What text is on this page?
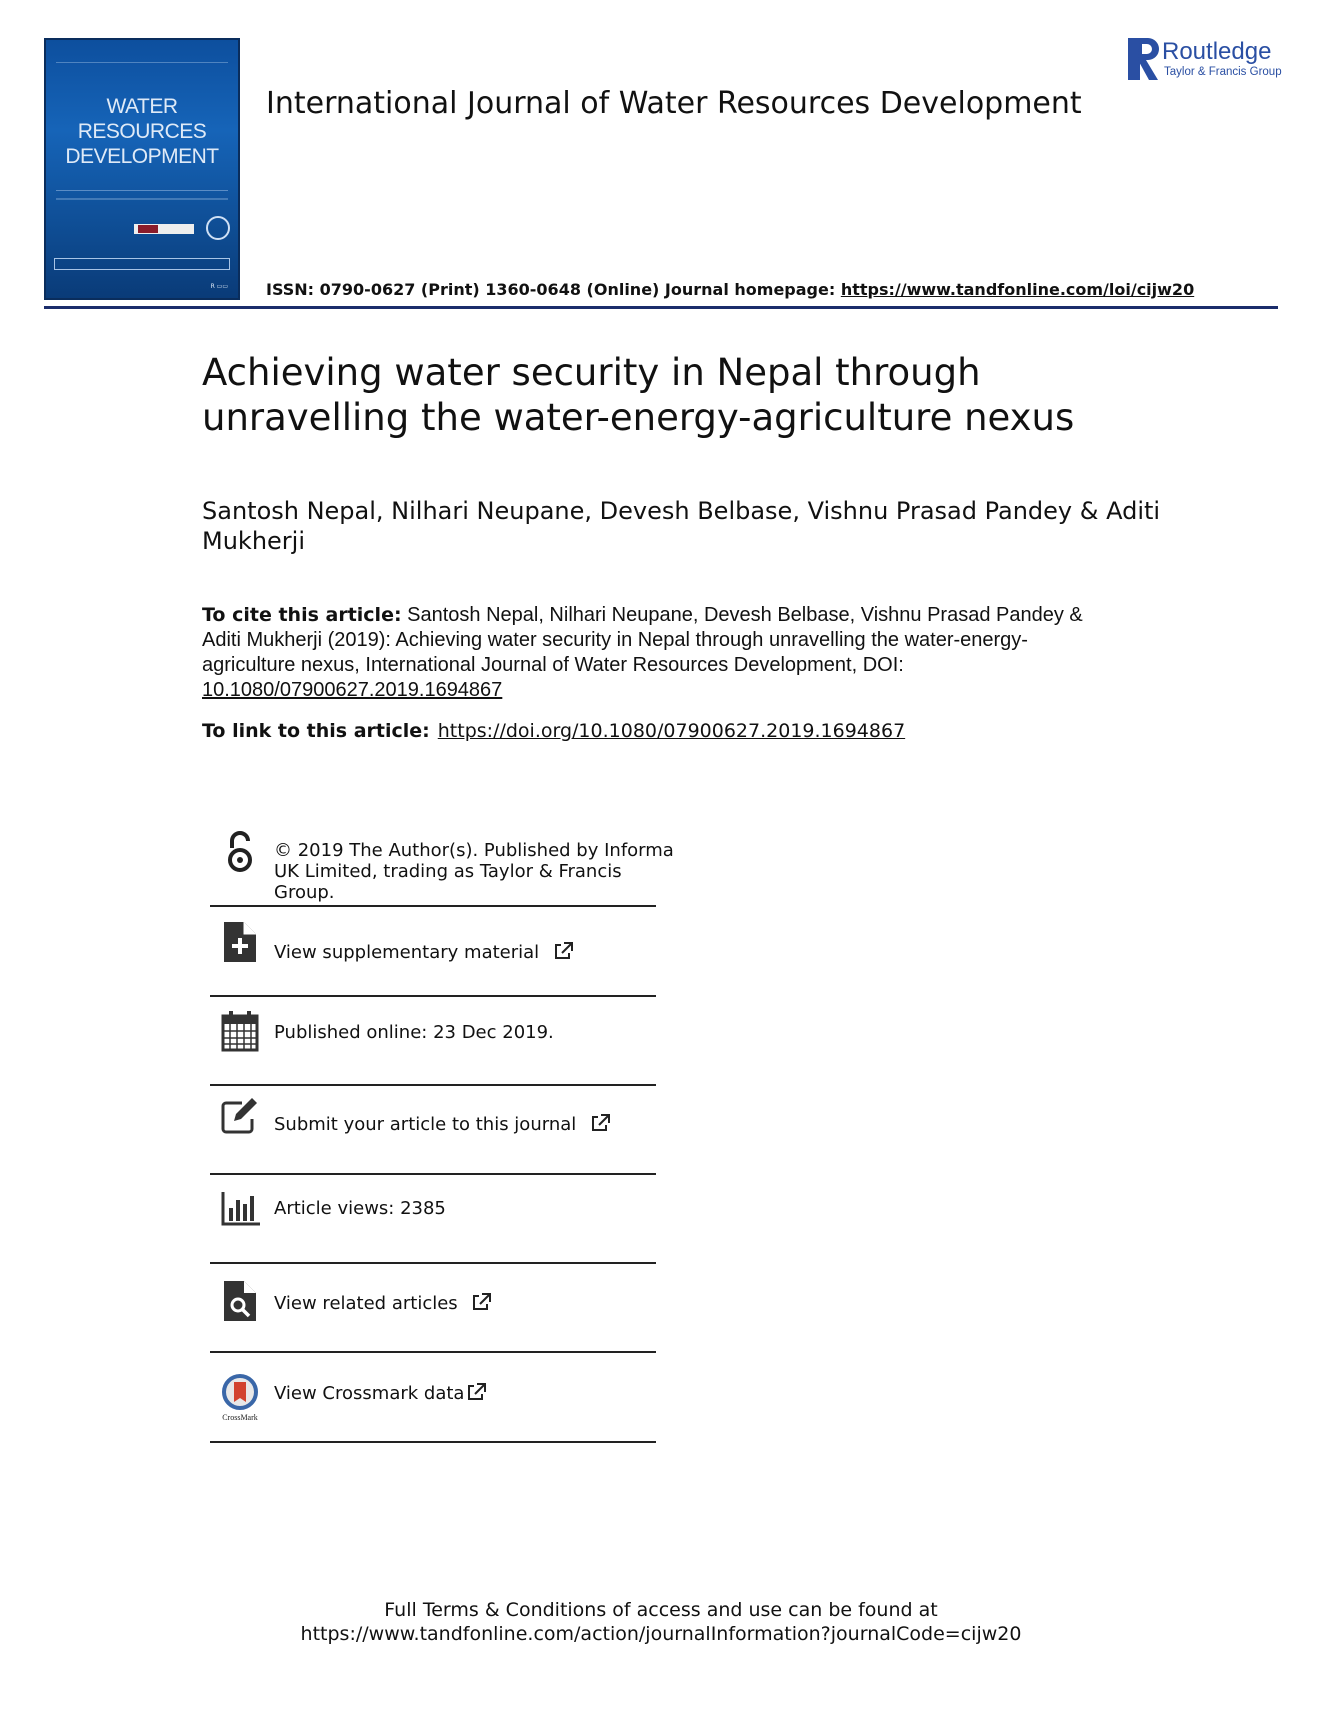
WATER
RESOURCES
DEVELOPMENT
R ▭▭
International Journal of Water Resources Development
Routledge
Taylor & Francis Group
ISSN: 0790-0627 (Print) 1360-0648 (Online) Journal homepage: https://www.tandfonline.com/loi/cijw20
Achieving water security in Nepal through unravelling the water-energy-agriculture nexus
Santosh Nepal, Nilhari Neupane, Devesh Belbase, Vishnu Prasad Pandey & Aditi Mukherji
To cite this article: Santosh Nepal, Nilhari Neupane, Devesh Belbase, Vishnu Prasad Pandey & Aditi Mukherji (2019): Achieving water security in Nepal through unravelling the water-energy-agriculture nexus, International Journal of Water Resources Development, DOI: 10.1080/07900627.2019.1694867
To link to this article: https://doi.org/10.1080/07900627.2019.1694867
© 2019 The Author(s). Published by Informa
UK Limited, trading as Taylor & Francis
Group.
View supplementary material
Published online: 23 Dec 2019.
Submit your article to this journal
Article views: 2385
View related articles
CrossMark
View Crossmark data
Full Terms & Conditions of access and use can be found at
https://www.tandfonline.com/action/journalInformation?journalCode=cijw20
